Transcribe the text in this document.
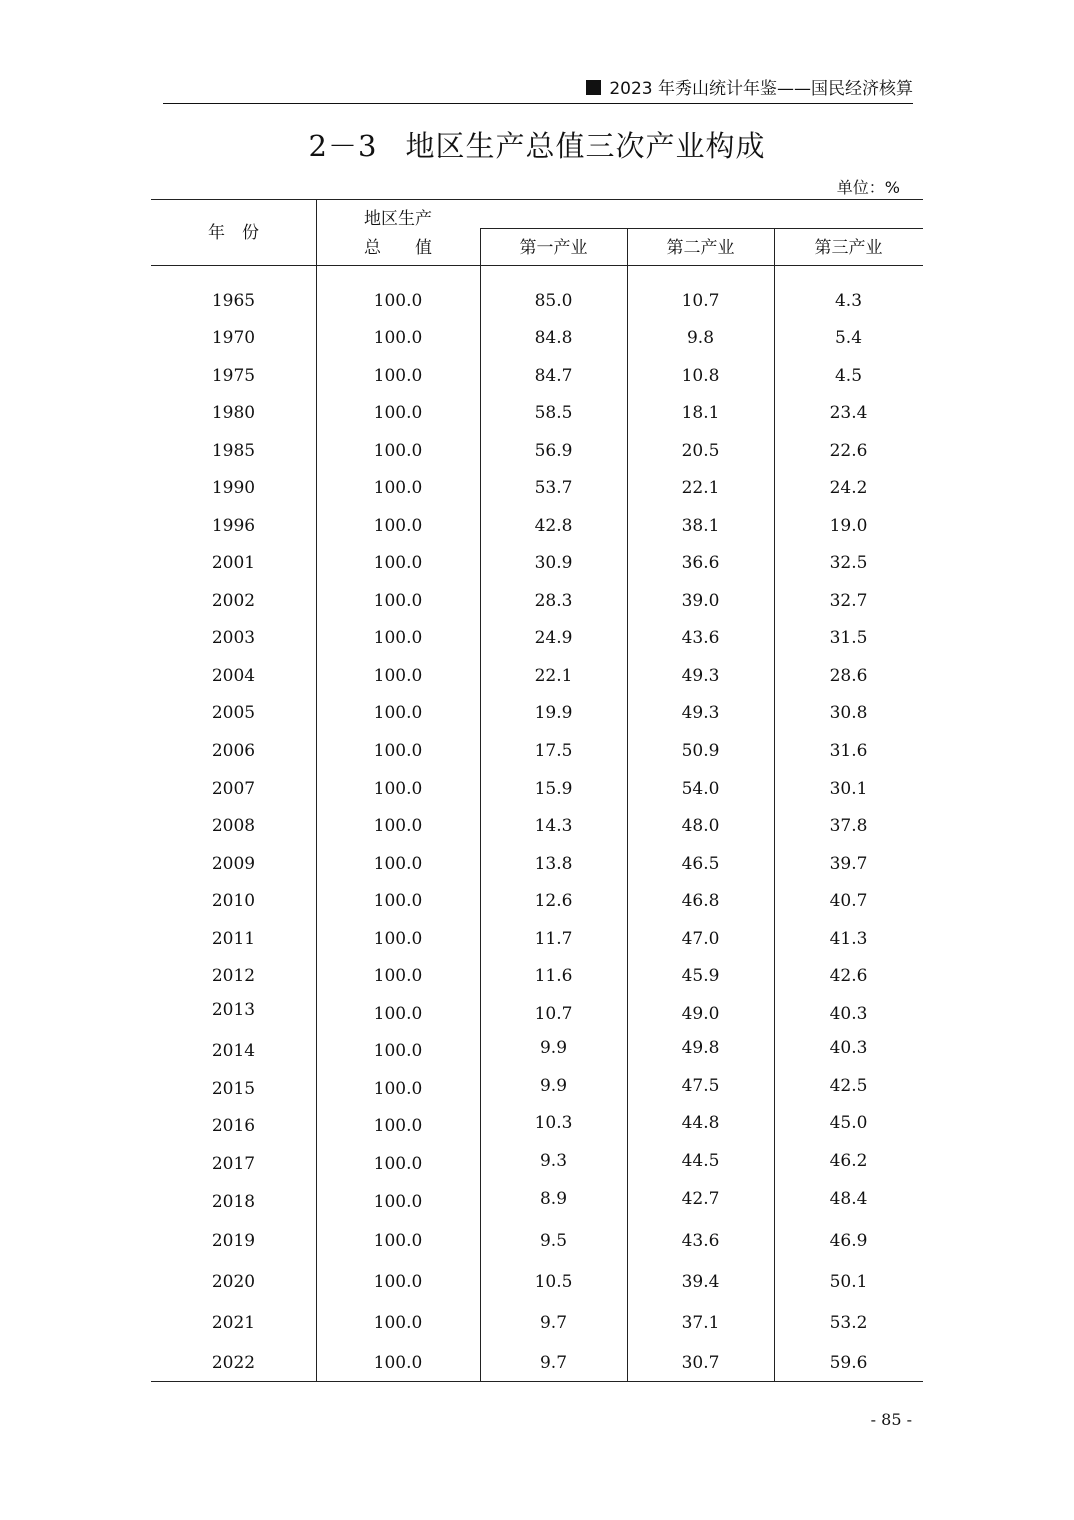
2023 年秀山统计年鉴——国民经济核算
2－3 地区生产总值三次产业构成
单位：%
年　份
地区生产
总　　值	第一产业	第二产业	第三产业
1965	100.0	85.0	10.7	4.3
1970	100.0	84.8	9.8	5.4
1975	100.0	84.7	10.8	4.5
1980	100.0	58.5	18.1	23.4
1985	100.0	56.9	20.5	22.6
1990	100.0	53.7	22.1	24.2
1996	100.0	42.8	38.1	19.0
2001	100.0	30.9	36.6	32.5
2002	100.0	28.3	39.0	32.7
2003	100.0	24.9	43.6	31.5
2004	100.0	22.1	49.3	28.6
2005	100.0	19.9	49.3	30.8
2006	100.0	17.5	50.9	31.6
2007	100.0	15.9	54.0	30.1
2008	100.0	14.3	48.0	37.8
2009	100.0	13.8	46.5	39.7
2010	100.0	12.6	46.8	40.7
2011	100.0	11.7	47.0	41.3
2012	100.0	11.6	45.9	42.6
2013	100.0	10.7	49.0	40.3
2014	100.0	9.9	49.8	40.3
2015	100.0	9.9	47.5	42.5
2016	100.0	10.3	44.8	45.0
2017	100.0	9.3	44.5	46.2
2018	100.0	8.9	42.7	48.4
2019	100.0	9.5	43.6	46.9
2020	100.0	10.5	39.4	50.1
2021	100.0	9.7	37.1	53.2
2022	100.0	9.7	30.7	59.6
- 85 -
